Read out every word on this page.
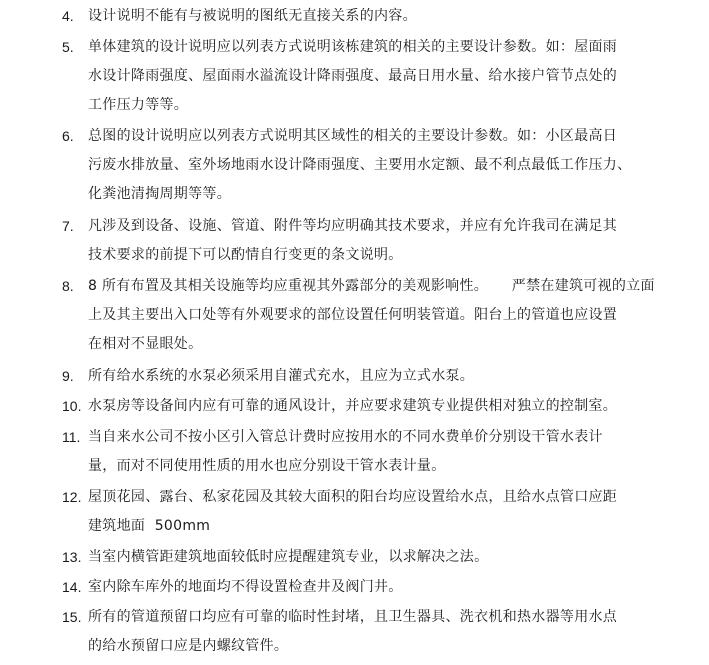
4. 设计说明不能有与被说明的图纸无直接关系的内容。
5. 单体建筑的设计说明应以列表方式说明该栋建筑的相关的主要设计参数。如：屋面雨
水设计降雨强度、屋面雨水溢流设计降雨强度、最高日用水量、给水接户管节点处的
工作压力等等。
6. 总图的设计说明应以列表方式说明其区域性的相关的主要设计参数。如：小区最高日
污废水排放量、室外场地雨水设计降雨强度、主要用水定额、最不利点最低工作压力、
化粪池清掏周期等等。
7. 凡涉及到设备、设施、管道、附件等均应明确其技术要求，并应有允许我司在满足其
技术要求的前提下可以酌情自行变更的条文说明。
8. 8 所有布置及其相关设施等均应重视其外露部分的美观影响性。     严禁在建筑可视的立面
上及其主要出入口处等有外观要求的部位设置任何明装管道。阳台上的管道也应设置
在相对不显眼处。
9. 所有给水系统的水泵必须采用自灌式充水，且应为立式水泵。
10. 水泵房等设备间内应有可靠的通风设计，并应要求建筑专业提供相对独立的控制室。
11. 当自来水公司不按小区引入管总计费时应按用水的不同水费单价分别设干管水表计
量，而对不同使用性质的用水也应分别设干管水表计量。
12. 屋顶花园、露台、私家花园及其较大面积的阳台均应设置给水点，且给水点管口应距
建筑地面  500mm
13. 当室内横管距建筑地面较低时应提醒建筑专业，以求解决之法。
14. 室内除车库外的地面均不得设置检查井及阀门井。
15. 所有的管道预留口均应有可靠的临时性封堵，且卫生器具、洗衣机和热水器等用水点
的给水预留口应是内螺纹管件。
